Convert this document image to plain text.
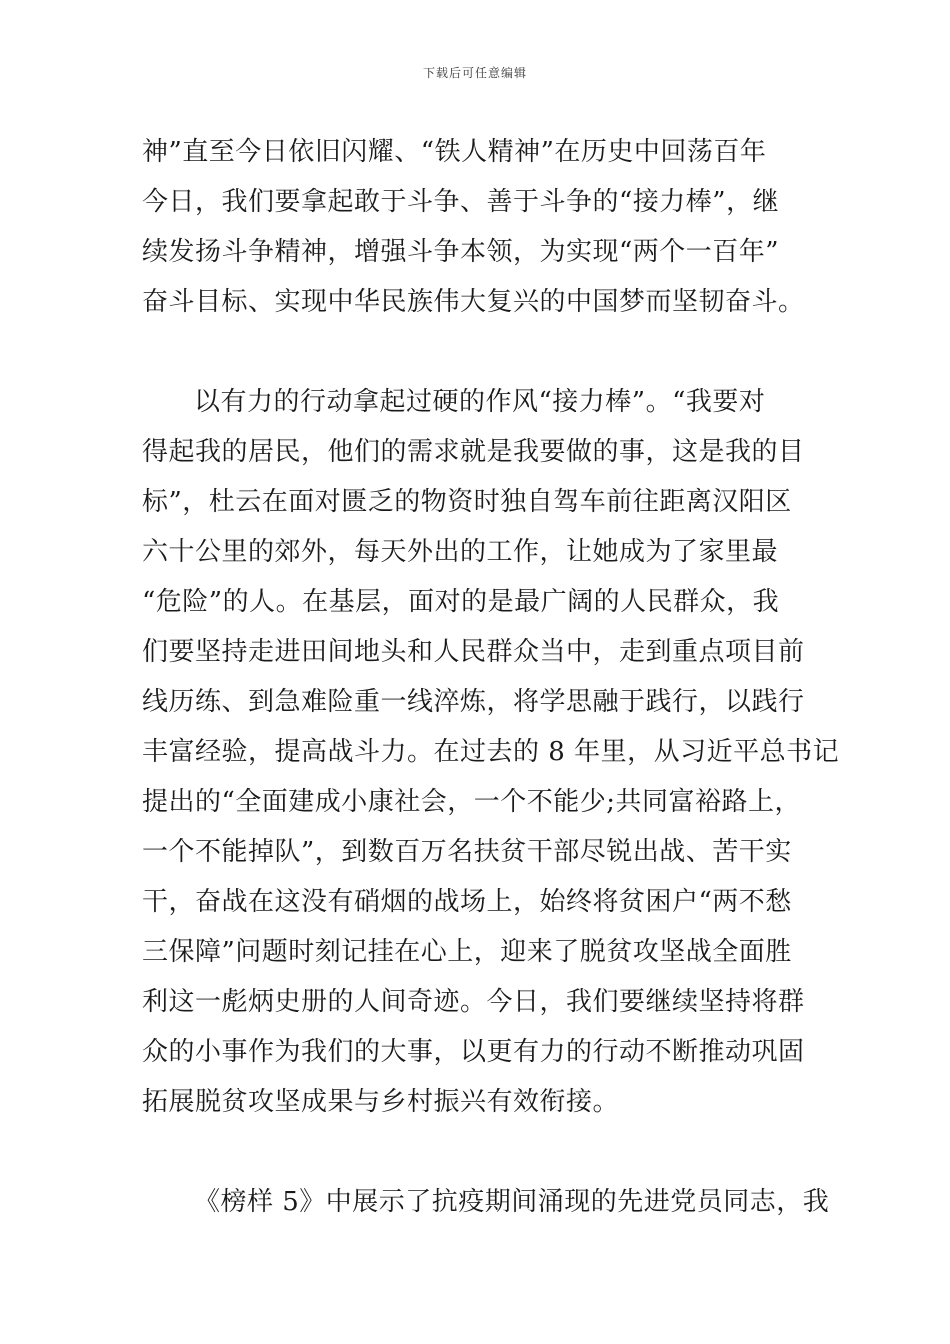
下载后可任意编辑
神”直至今日依旧闪耀、“铁人精神”在历史中回荡百年
今日，我们要拿起敢于斗争、善于斗争的“接力棒”，继
续发扬斗争精神，增强斗争本领，为实现“两个一百年”
奋斗目标、实现中华民族伟大复兴的中国梦而坚韧奋斗。
以有力的行动拿起过硬的作风“接力棒”。“我要对
得起我的居民，他们的需求就是我要做的事，这是我的目
标”，杜云在面对匮乏的物资时独自驾车前往距离汉阳区
六十公里的郊外，每天外出的工作，让她成为了家里最
“危险”的人。在基层，面对的是最广阔的人民群众，我
们要坚持走进田间地头和人民群众当中，走到重点项目前
线历练、到急难险重一线淬炼，将学思融于践行，以践行
丰富经验，提高战斗力。在过去的 8 年里，从习近平总书记
提出的“全面建成小康社会，一个不能少;共同富裕路上，
一个不能掉队”，到数百万名扶贫干部尽锐出战、苦干实
干，奋战在这没有硝烟的战场上，始终将贫困户“两不愁
三保障”问题时刻记挂在心上，迎来了脱贫攻坚战全面胜
利这一彪炳史册的人间奇迹。今日，我们要继续坚持将群
众的小事作为我们的大事，以更有力的行动不断推动巩固
拓展脱贫攻坚成果与乡村振兴有效衔接。
《榜样 5》中展示了抗疫期间涌现的先进党员同志，我
